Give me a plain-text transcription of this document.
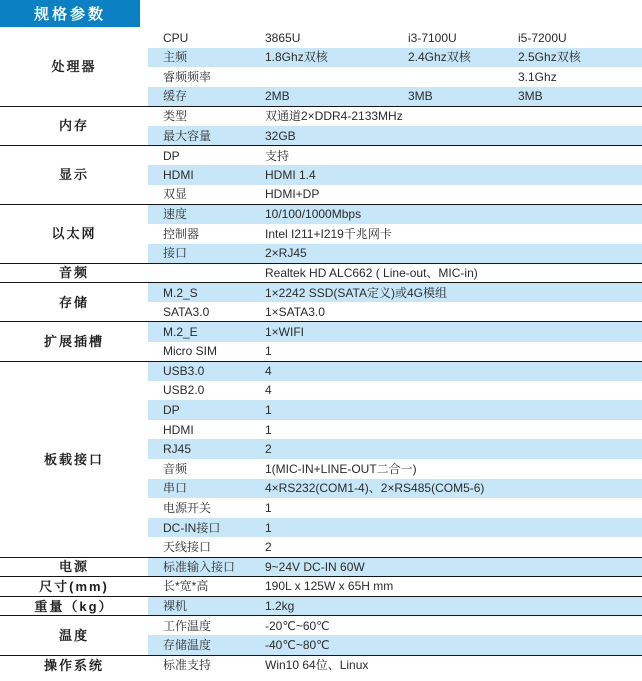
规格参数
处理器	CPU	3865U	i3-7100U	i5-7200U
	主频	1.8Ghz双核	2.4Ghz双核	2.5Ghz双核
	睿频频率			3.1Ghz
	缓存	2MB	3MB	3MB
内存	类型	双通道2×DDR4-2133MHz		
	最大容量	32GB		
显示	DP	支持		
	HDMI	HDMI 1.4		
	双显	HDMI+DP		
以太网	速度	10/100/1000Mbps		
	控制器	Intel I211+I219千兆网卡		
	接口	2×RJ45		
音频		Realtek HD ALC662 ( Line-out、MIC-in)		
存储	M.2_S	1×2242 SSD(SATA定义)或4G模组		
	SATA3.0	1×SATA3.0		
扩展插槽	M.2_E	1×WIFI		
	Micro SIM	1		
板载接口	USB3.0	4		
	USB2.0	4		
	DP	1		
	HDMI	1		
	RJ45	2		
	音频	1(MIC-IN+LINE-OUT二合一)		
	串口	4×RS232(COM1-4)、2×RS485(COM5-6)		
	电源开关	1		
	DC-IN接口	1		
	天线接口	2		
电源	标准输入接口	9~24V DC-IN 60W		
尺寸(mm)	长*宽*高	190L x 125W x 65H mm		
重量（kg）	裸机	1.2kg		
温度	工作温度	-20℃~60℃		
	存储温度	-40℃~80℃		
操作系统	标准支持	Win10 64位、Linux		
